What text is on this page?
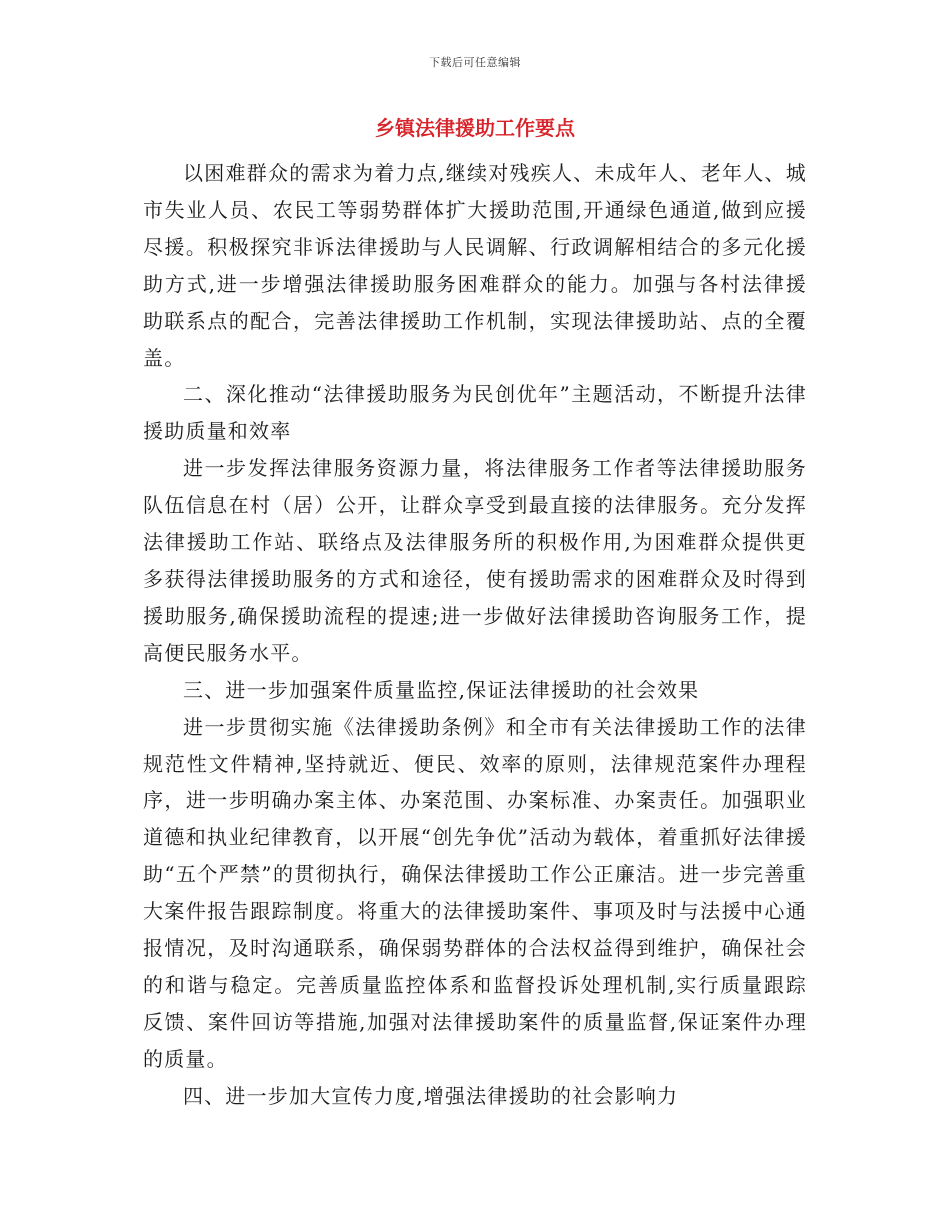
下载后可任意编辑
乡镇法律援助工作要点

以困难群众的需求为着力点,继续对残疾人、未成年人、老年人、城市失业人员、农民工等弱势群体扩大援助范围,开通绿色通道,做到应援尽援。积极探究非诉法律援助与人民调解、行政调解相结合的多元化援助方式,进一步增强法律援助服务困难群众的能力。加强与各村法律援助联系点的配合，完善法律援助工作机制，实现法律援助站、点的全覆盖。

二、深化推动“法律援助服务为民创优年”主题活动，不断提升法律援助质量和效率

进一步发挥法律服务资源力量，将法律服务工作者等法律援助服务队伍信息在村（居）公开，让群众享受到最直接的法律服务。充分发挥法律援助工作站、联络点及法律服务所的积极作用,为困难群众提供更多获得法律援助服务的方式和途径，使有援助需求的困难群众及时得到援助服务,确保援助流程的提速;进一步做好法律援助咨询服务工作，提高便民服务水平。

三、进一步加强案件质量监控,保证法律援助的社会效果

进一步贯彻实施《法律援助条例》和全市有关法律援助工作的法律规范性文件精神,坚持就近、便民、效率的原则，法律规范案件办理程序，进一步明确办案主体、办案范围、办案标准、办案责任。加强职业道德和执业纪律教育，以开展“创先争优”活动为载体，着重抓好法律援助“五个严禁”的贯彻执行，确保法律援助工作公正廉洁。进一步完善重大案件报告跟踪制度。将重大的法律援助案件、事项及时与法援中心通报情况，及时沟通联系，确保弱势群体的合法权益得到维护，确保社会的和谐与稳定。完善质量监控体系和监督投诉处理机制,实行质量跟踪反馈、案件回访等措施,加强对法律援助案件的质量监督,保证案件办理的质量。

四、进一步加大宣传力度,增强法律援助的社会影响力
